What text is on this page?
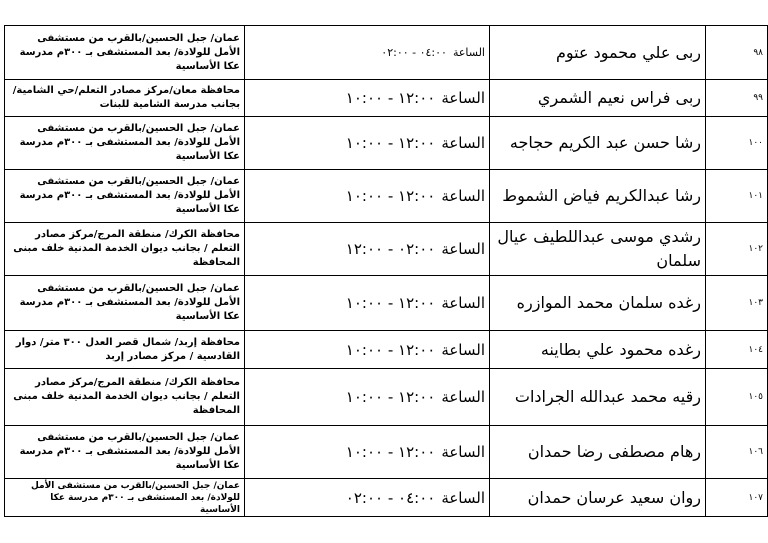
٩٨	ربى علي محمود عتوم	الساعة٠٤:٠٠ - ٠٢:٠٠	عمان/ جبل الحسين/بالقرب من مستشفى الأمل للولادة/ بعد المستشفى بـ ٣٠٠م مدرسة عكا الأساسية
٩٩	ربى فراس نعيم الشمري	الساعة١٢:٠٠ - ١٠:٠٠	محافظة معان/مركز مصادر التعلم/حي الشامية/ بجانب مدرسة الشامية للبنات
١٠٠	رشا حسن عبد الكريم حجاجه	الساعة١٢:٠٠ - ١٠:٠٠	عمان/ جبل الحسين/بالقرب من مستشفى الأمل للولادة/ بعد المستشفى بـ ٣٠٠م مدرسة عكا الأساسية
١٠١	رشا عبدالكريم فياض الشموط	الساعة١٢:٠٠ - ١٠:٠٠	عمان/ جبل الحسين/بالقرب من مستشفى الأمل للولادة/ بعد المستشفى بـ ٣٠٠م مدرسة عكا الأساسية
١٠٢	رشدي موسى عبداللطيف عيال سلمان	الساعة٠٢:٠٠ - ١٢:٠٠	محافظة الكرك/ منطقة المرج/مركز مصادر التعلم / بجانب ديوان الخدمة المدنية خلف مبنى المحافظة
١٠٣	رغده سلمان محمد الموازره	الساعة١٢:٠٠ - ١٠:٠٠	عمان/ جبل الحسين/بالقرب من مستشفى الأمل للولادة/ بعد المستشفى بـ ٣٠٠م مدرسة عكا الأساسية
١٠٤	رغده محمود علي بطاينه	الساعة١٢:٠٠ - ١٠:٠٠	محافظة إربد/ شمال قصر العدل ٣٠٠ متر/ دوار القادسية / مركز مصادر إربد
١٠٥	رقيه محمد عبدالله الجرادات	الساعة١٢:٠٠ - ١٠:٠٠	محافظة الكرك/ منطقة المرج/مركز مصادر التعلم / بجانب ديوان الخدمة المدنية خلف مبنى المحافظة
١٠٦	رهام مصطفى رضا حمدان	الساعة١٢:٠٠ - ١٠:٠٠	عمان/ جبل الحسين/بالقرب من مستشفى الأمل للولادة/ بعد المستشفى بـ ٣٠٠م مدرسة عكا الأساسية
١٠٧	روان سعيد عرسان حمدان	الساعة٠٤:٠٠ - ٠٢:٠٠	عمان/ جبل الحسين/بالقرب من مستشفى الأمل للولادة/ بعد المستشفى بـ ٣٠٠م مدرسة عكا الأساسية
